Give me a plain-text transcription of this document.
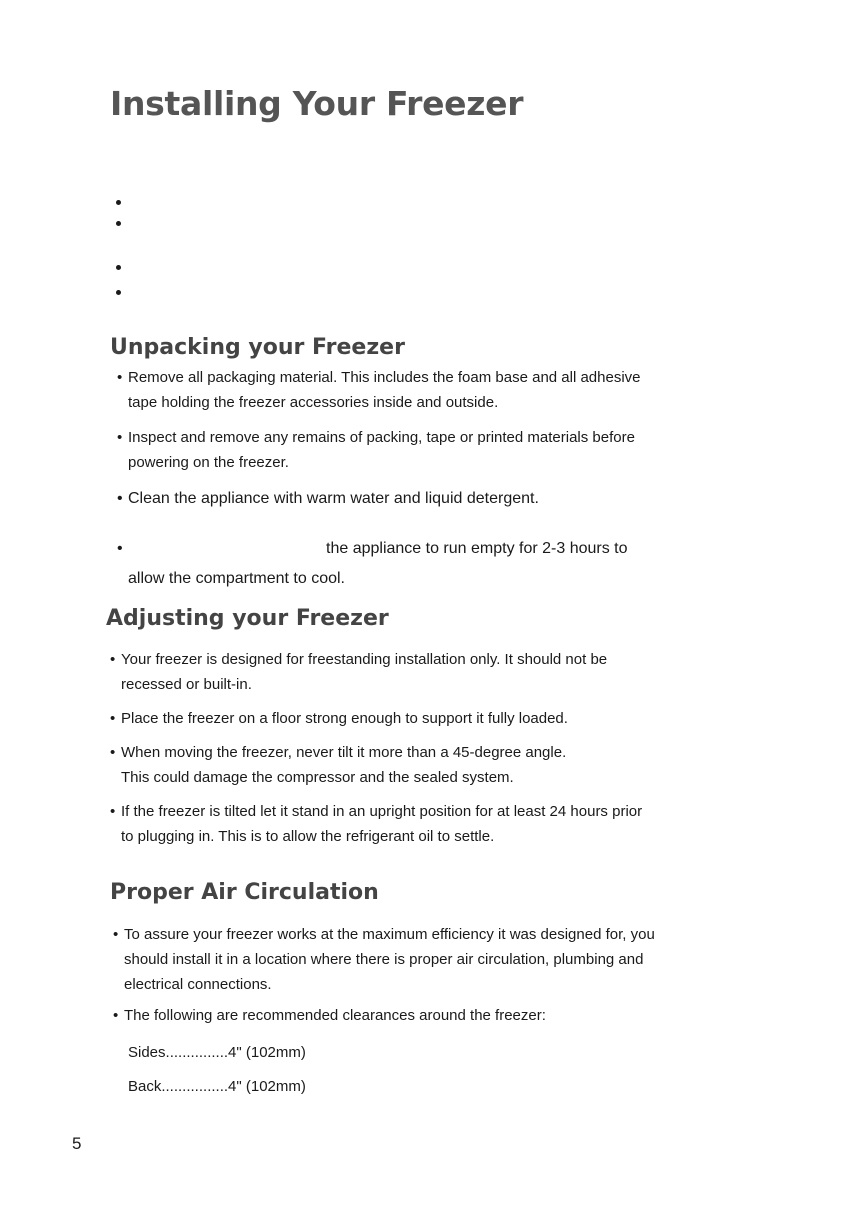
Installing Your Freezer
Unpacking your Freezer
• Remove all packaging material. This includes the foam base and all adhesive
tape holding the freezer accessories inside and outside.
• Inspect and remove any remains of packing, tape or printed materials before
powering on the freezer.
• Clean the appliance with warm water and liquid detergent.
•	the appliance to run empty for 2-3 hours to
allow the compartment to cool.
Adjusting your Freezer
• Your freezer is designed for freestanding installation only. It should not be
recessed or built-in.
• Place the freezer on a floor strong enough to support it fully loaded.
• When moving the freezer, never tilt it more than a 45-degree angle.
This could damage the compressor and the sealed system.
• If the freezer is tilted let it stand in an upright position for at least 24 hours prior
to plugging in. This is to allow the refrigerant oil to settle.
Proper Air Circulation
• To assure your freezer works at the maximum efficiency it was designed for, you
should install it in a location where there is proper air circulation, plumbing and
electrical connections.
• The following are recommended clearances around the freezer:
Sides...............4" (102mm)
Back................4" (102mm)
5
